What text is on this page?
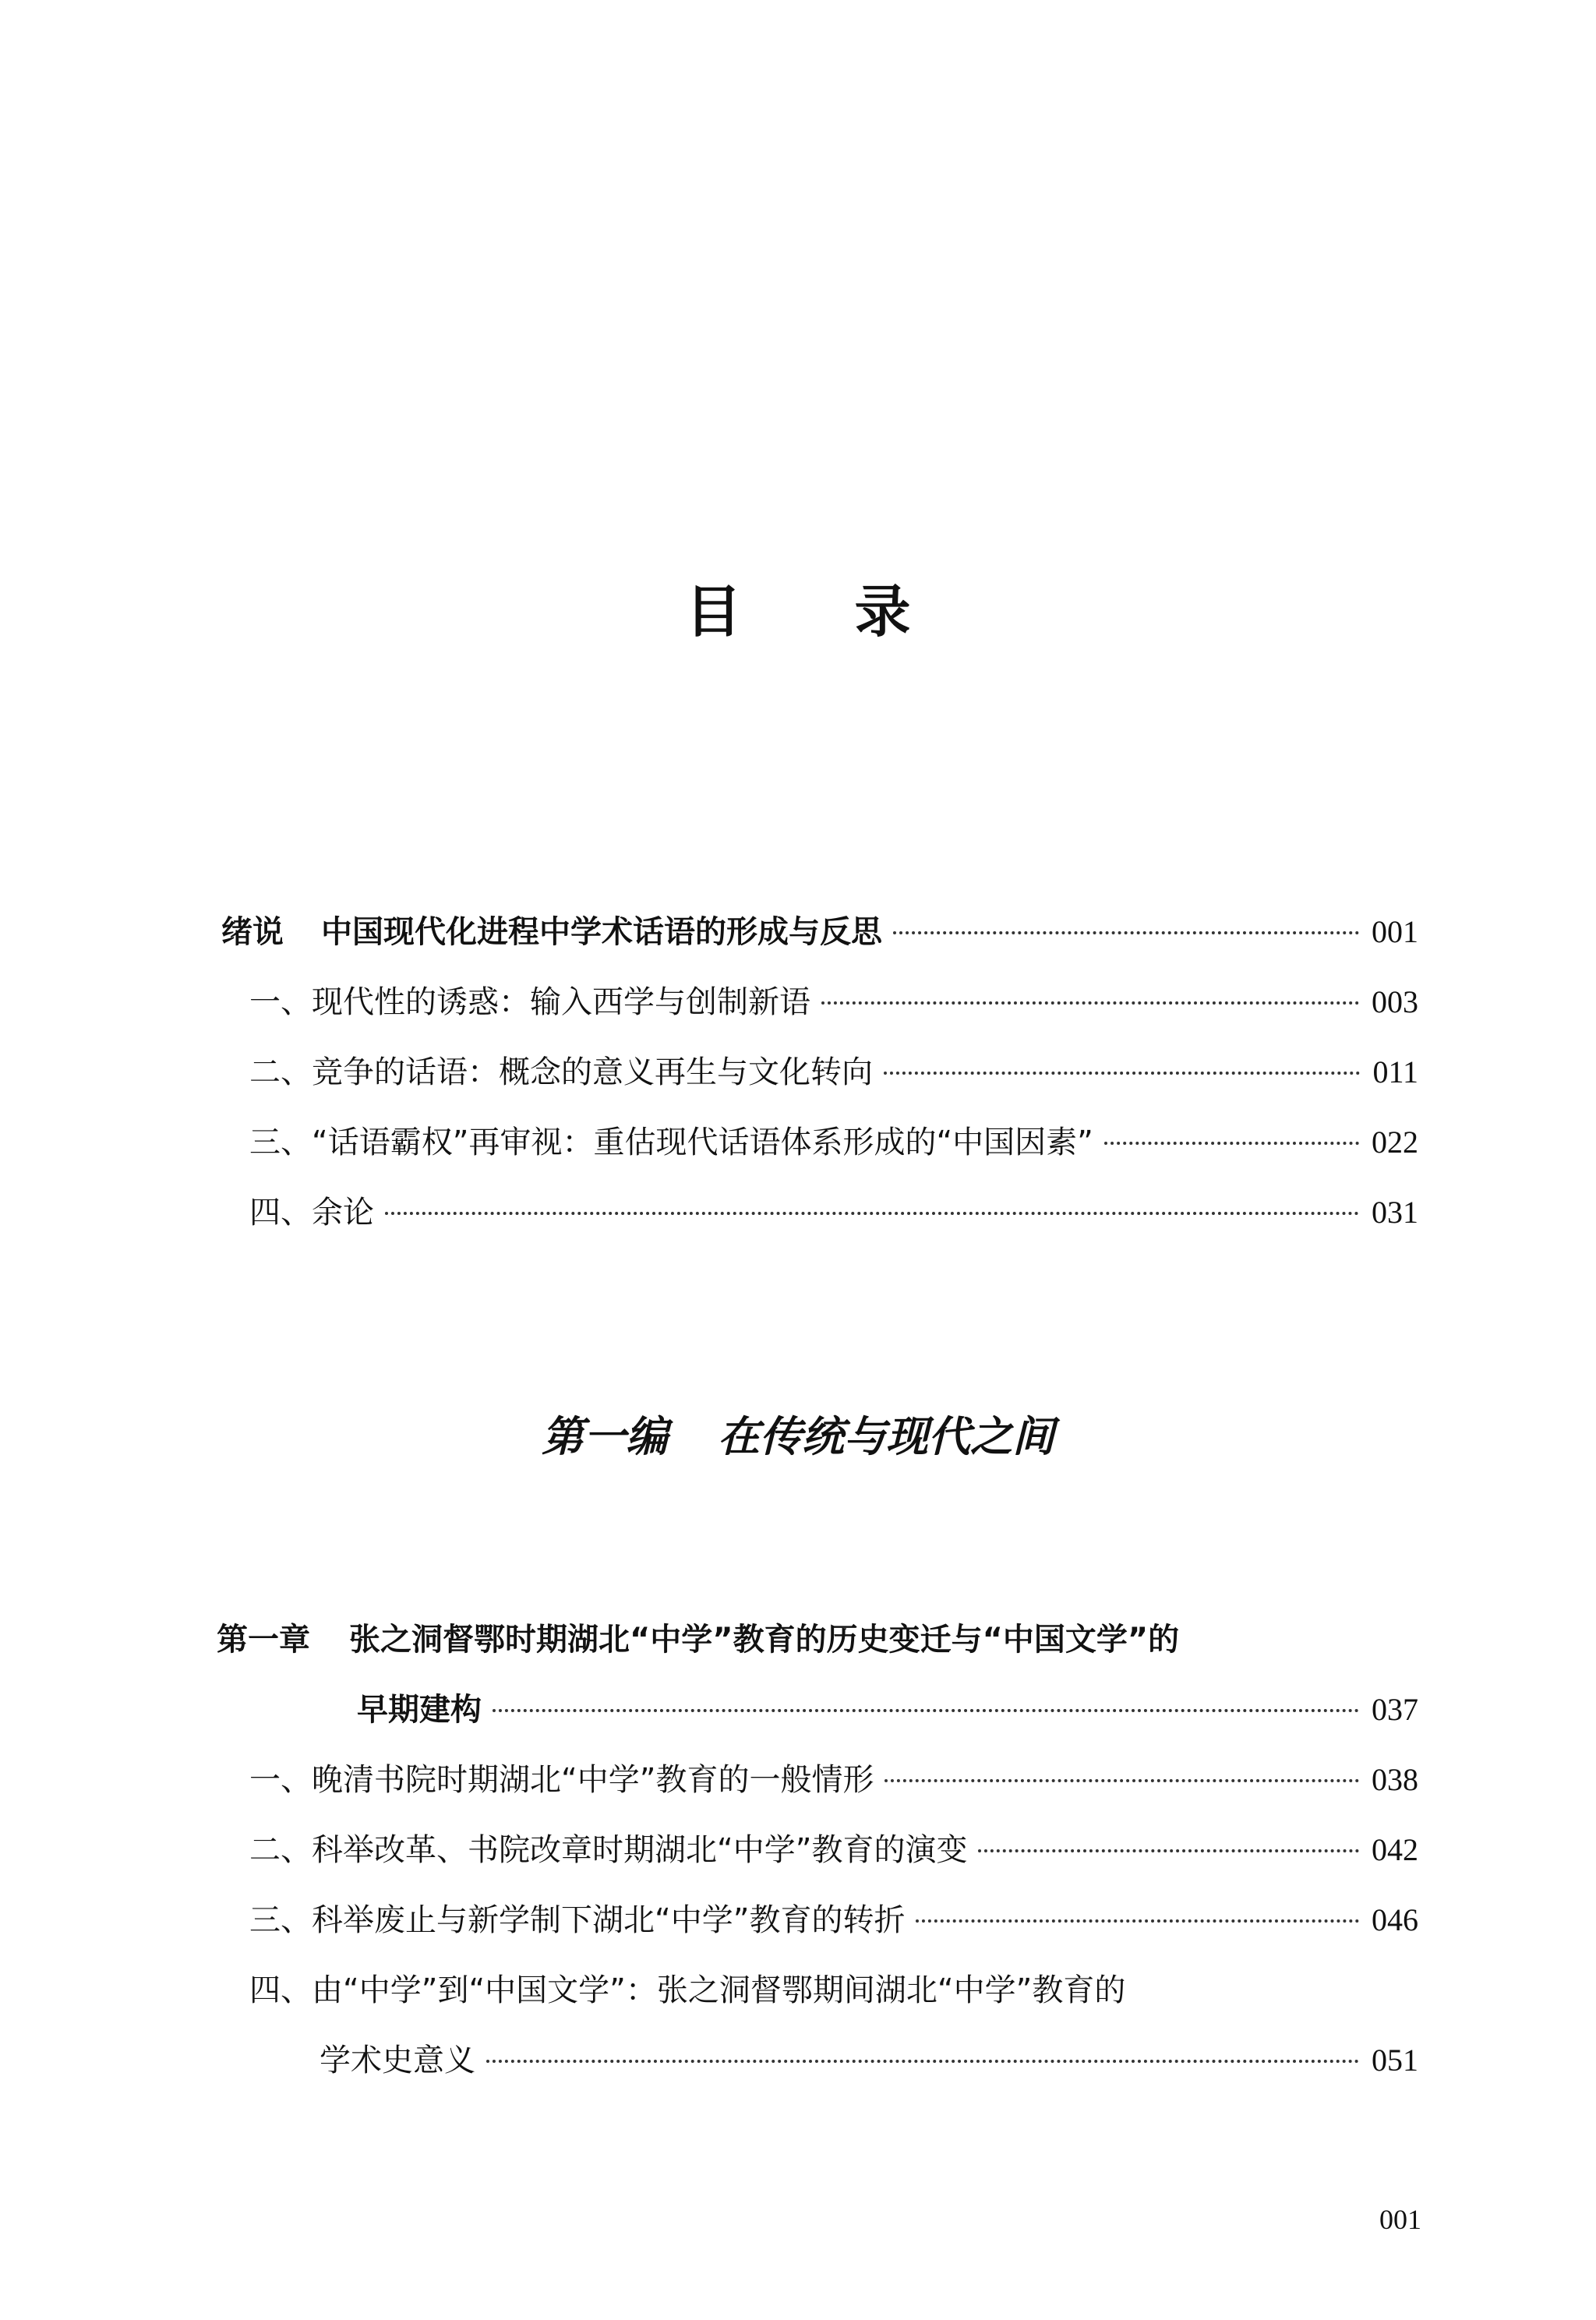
目 录
绪说 中国现代化进程中学术话语的形成与反思	001
一、现代性的诱惑：输入西学与创制新语	003
二、竞争的话语：概念的意义再生与文化转向	011
三、“话语霸权”再审视：重估现代话语体系形成的“中国因素”	022
四、余论	031
第一编 在传统与现代之间
第一章 张之洞督鄂时期湖北“中学”教育的历史变迁与“中国文学”的
早期建构	037
一、晚清书院时期湖北“中学”教育的一般情形	038
二、科举改革、书院改章时期湖北“中学”教育的演变	042
三、科举废止与新学制下湖北“中学”教育的转折	046
四、由“中学”到“中国文学”：张之洞督鄂期间湖北“中学”教育的
学术史意义	051
001
